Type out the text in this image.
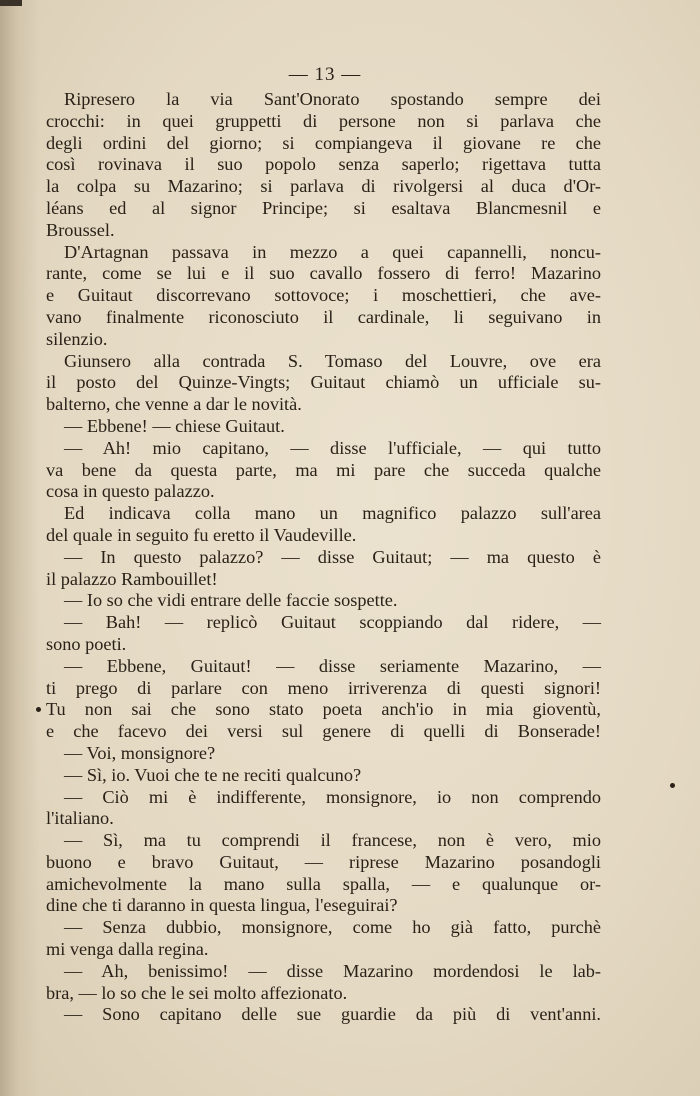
— 13 —
Ripresero la via Sant'Onorato spostando sempre dei
crocchi: in quei gruppetti di persone non si parlava che
degli ordini del giorno; si compiangeva il giovane re che
così rovinava il suo popolo senza saperlo; rigettava tutta
la colpa su Mazarino; si parlava di rivolgersi al duca d'Or-
léans ed al signor Principe; si esaltava Blancmesnil e
Broussel.
D'Artagnan passava in mezzo a quei capannelli, noncu-
rante, come se lui e il suo cavallo fossero di ferro! Mazarino
e Guitaut discorrevano sottovoce; i moschettieri, che ave-
vano finalmente riconosciuto il cardinale, li seguivano in
silenzio.
Giunsero alla contrada S. Tomaso del Louvre, ove era
il posto del Quinze-Vingts; Guitaut chiamò un ufficiale su-
balterno, che venne a dar le novità.
— Ebbene! — chiese Guitaut.
— Ah! mio capitano, — disse l'ufficiale, — qui tutto
va bene da questa parte, ma mi pare che succeda qualche
cosa in questo palazzo.
Ed indicava colla mano un magnifico palazzo sull'area
del quale in seguito fu eretto il Vaudeville.
— In questo palazzo? — disse Guitaut; — ma questo è
il palazzo Rambouillet!
— Io so che vidi entrare delle faccie sospette.
— Bah! — replicò Guitaut scoppiando dal ridere, —
sono poeti.
— Ebbene, Guitaut! — disse seriamente Mazarino, —
ti prego di parlare con meno irriverenza di questi signori!
Tu non sai che sono stato poeta anch'io in mia gioventù,
e che facevo dei versi sul genere di quelli di Bonserade!
— Voi, monsignore?
— Sì, io. Vuoi che te ne reciti qualcuno?
— Ciò mi è indifferente, monsignore, io non comprendo
l'italiano.
— Sì, ma tu comprendi il francese, non è vero, mio
buono e bravo Guitaut, — riprese Mazarino posandogli
amichevolmente la mano sulla spalla, — e qualunque or-
dine che ti daranno in questa lingua, l'eseguirai?
— Senza dubbio, monsignore, come ho già fatto, purchè
mi venga dalla regina.
— Ah, benissimo! — disse Mazarino mordendosi le lab-
bra, — lo so che le sei molto affezionato.
— Sono capitano delle sue guardie da più di vent'anni.
